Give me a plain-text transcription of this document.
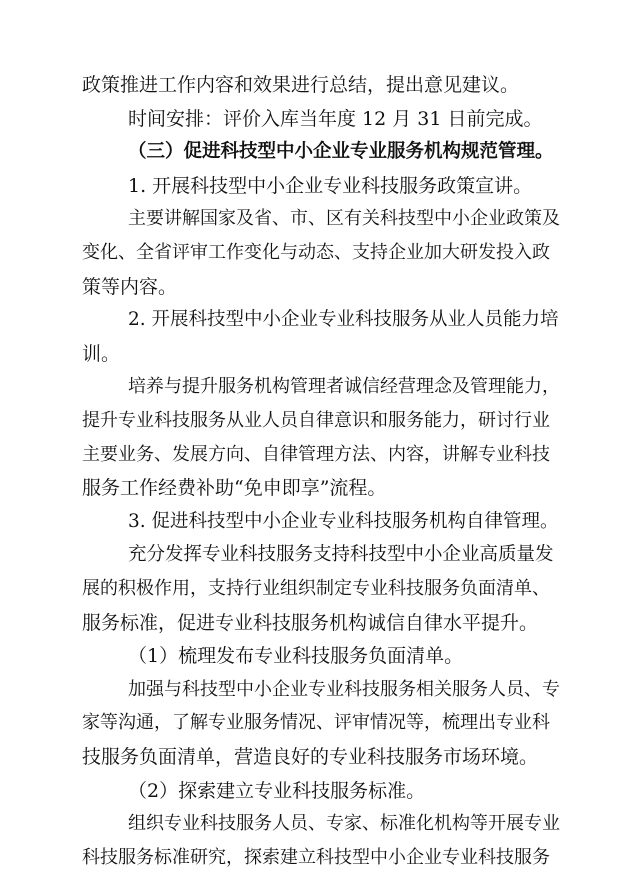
政策推进工作内容和效果进行总结，提出意见建议。
时间安排：评价入库当年度 12 月 31 日前完成。
（三）促进科技型中小企业专业服务机构规范管理。
1. 开展科技型中小企业专业科技服务政策宣讲。
主要讲解国家及省、市、区有关科技型中小企业政策及
变化、全省评审工作变化与动态、支持企业加大研发投入政
策等内容。
2. 开展科技型中小企业专业科技服务从业人员能力培
训。
培养与提升服务机构管理者诚信经营理念及管理能力，
提升专业科技服务从业人员自律意识和服务能力，研讨行业
主要业务、发展方向、自律管理方法、内容，讲解专业科技
服务工作经费补助“免申即享”流程。
3. 促进科技型中小企业专业科技服务机构自律管理。
充分发挥专业科技服务支持科技型中小企业高质量发
展的积极作用，支持行业组织制定专业科技服务负面清单、
服务标准，促进专业科技服务机构诚信自律水平提升。
（1）梳理发布专业科技服务负面清单。
加强与科技型中小企业专业科技服务相关服务人员、专
家等沟通，了解专业服务情况、评审情况等，梳理出专业科
技服务负面清单，营造良好的专业科技服务市场环境。
（2）探索建立专业科技服务标准。
组织专业科技服务人员、专家、标准化机构等开展专业
科技服务标准研究，探索建立科技型中小企业专业科技服务
